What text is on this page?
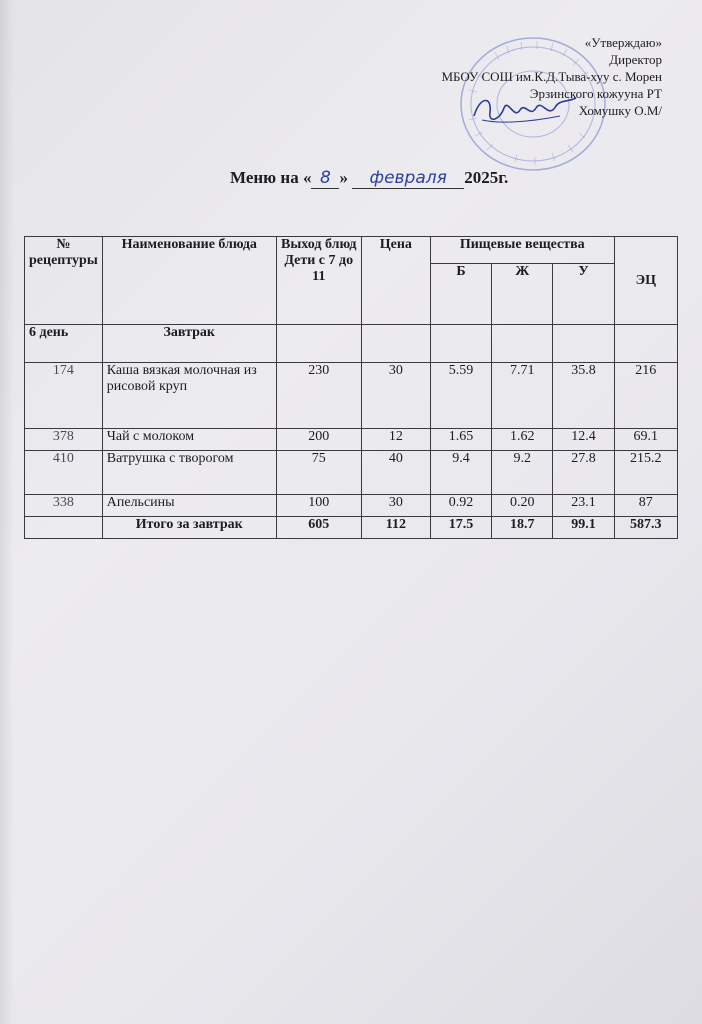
«Утверждаю»
Директор
МБОУ СОШ им.К.Д.Тыва-хуу с. Морен
Эрзинского кожууна РТ
Хомушку О.М/
Меню на « 8 » февраля 2025г.
№ рецептуры	Наименование блюда	Выход блюд Дети с 7 до 11	Цена	Пищевые вещества			ЭЦ
				Б	Ж	У	
6 день	Завтрак						
174	Каша вязкая молочная из рисовой круп	230	30	5.59	7.71	35.8	216
378	Чай с молоком	200	12	1.65	1.62	12.4	69.1
410	Ватрушка с творогом	75	40	9.4	9.2	27.8	215.2
338	Апельсины	100	30	0.92	0.20	23.1	87
	Итого за завтрак	605	112	17.5	18.7	99.1	587.3
